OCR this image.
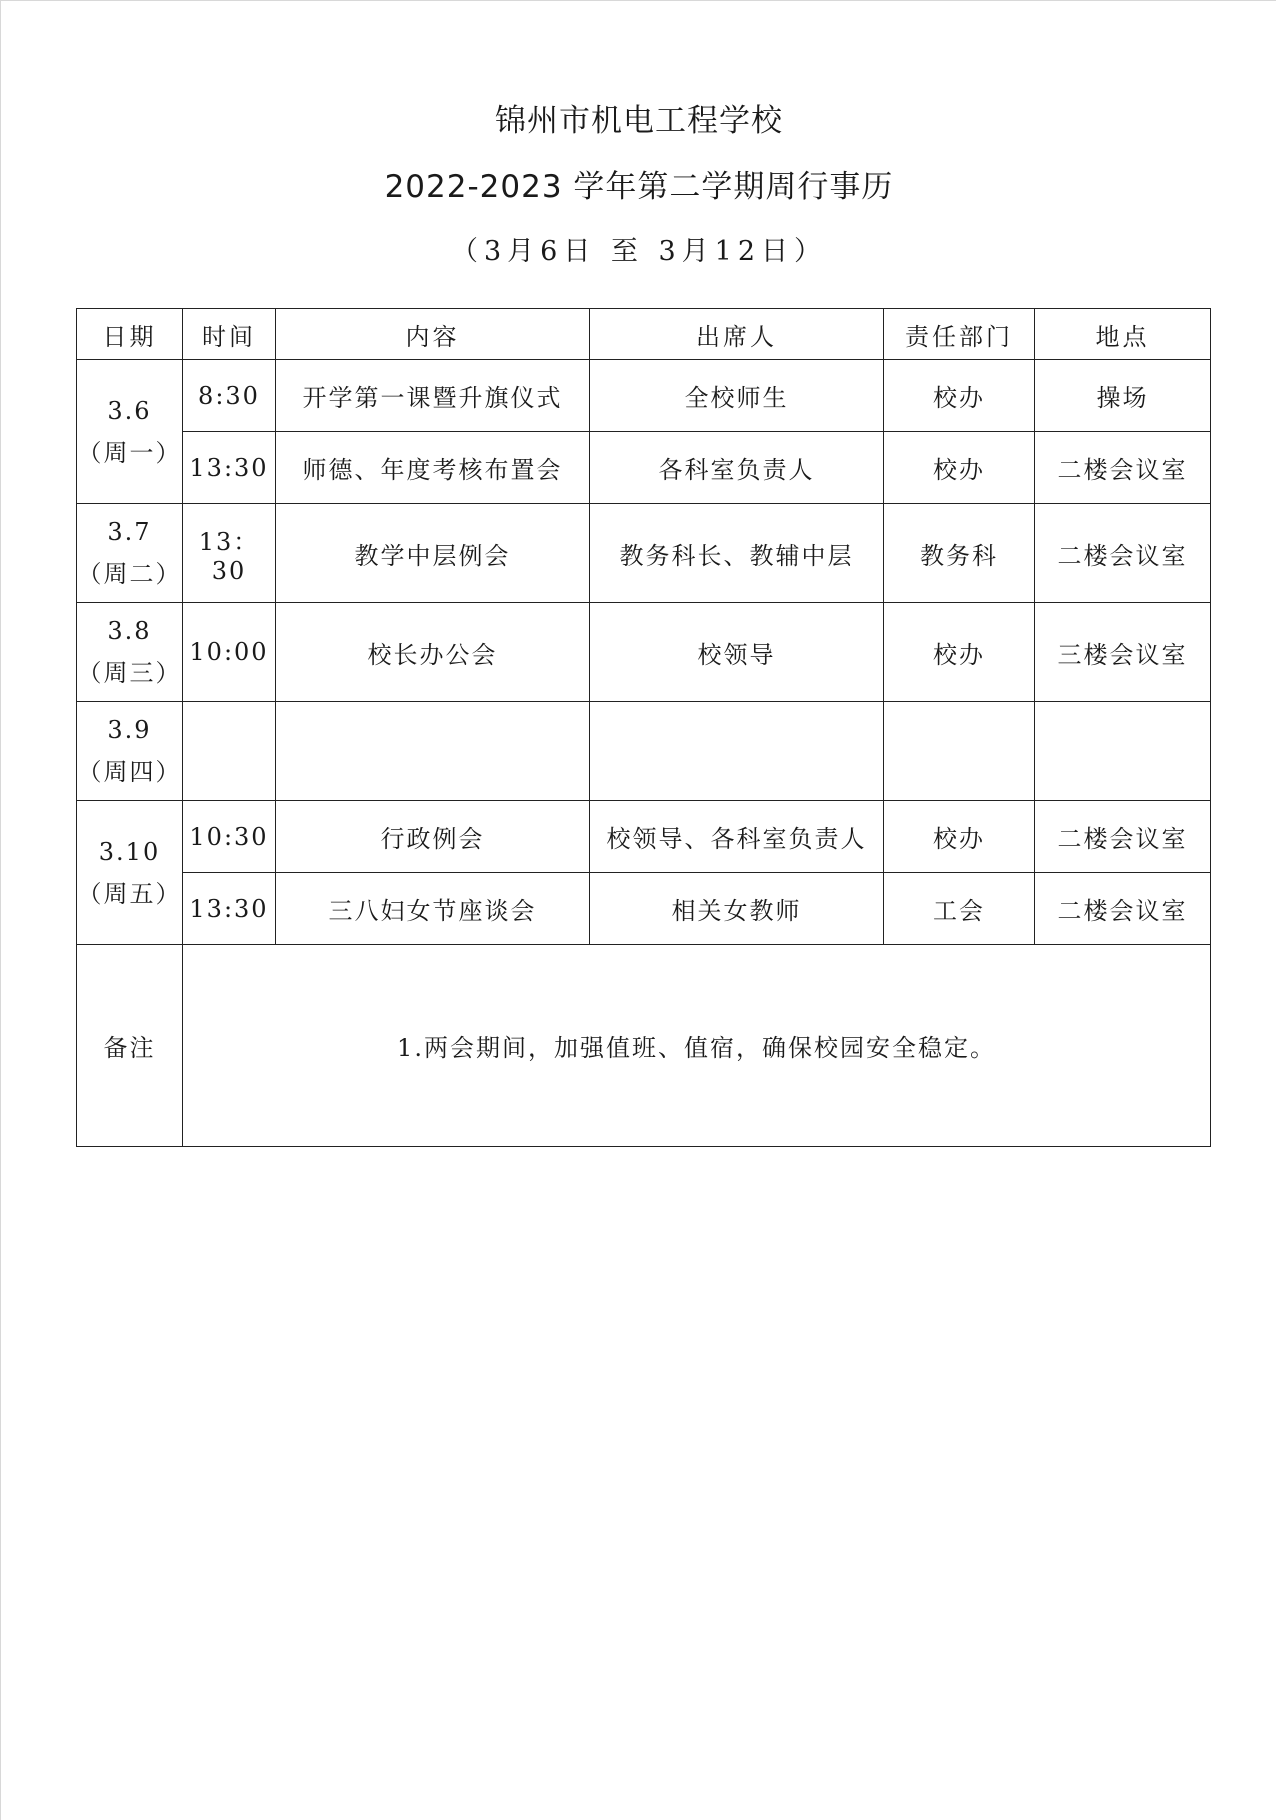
锦州市机电工程学校
2022-2023 学年第二学期周行事历
（3月6日 至 3月12日）
日期	时间	内容	出席人	责任部门	地点

3.6
（周一）	8:30	开学第一课暨升旗仪式	全校师生	校办	操场
	13:30	师德、年度考核布置会	各科室负责人	校办	二楼会议室

3.7
（周二）	13：30	教学中层例会	教务科长、教辅中层	教务科	二楼会议室

3.8
（周三）	10:00	校长办公会	校领导	校办	三楼会议室

3.9
（周四）					

3.10
（周五）	10:30	行政例会	校领导、各科室负责人	校办	二楼会议室
	13:30	三八妇女节座谈会	相关女教师	工会	二楼会议室
备注	1.两会期间，加强值班、值宿，确保校园安全稳定。				
